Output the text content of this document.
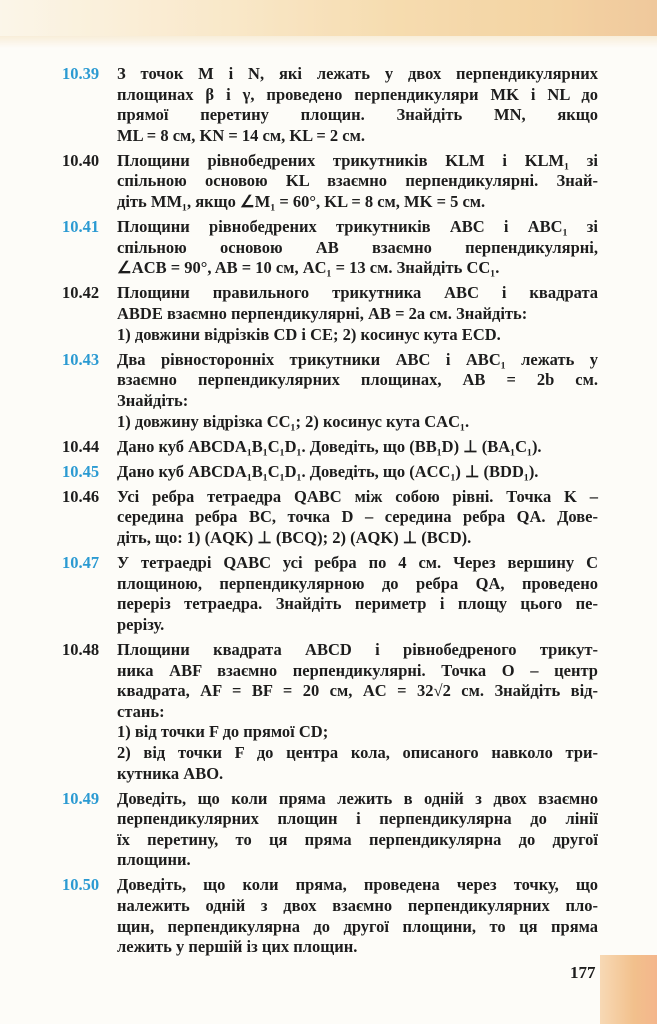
10.39 З точок M і N, які лежать у двох перпендикулярних
площинах β і γ, проведено перпендикуляри MK і NL до
прямої перетину площин. Знайдіть MN, якщо
ML = 8 см, KN = 14 см, KL = 2 см.
10.40 Площини рівнобедрених трикутників KLM і KLM₁ зі
спільною основою KL взаємно перпендикулярні. Знай-
діть MM₁, якщо ∠M₁ = 60°, KL = 8 см, MK = 5 см.
10.41 Площини рівнобедрених трикутників ABC і ABC₁ зі
спільною основою AB взаємно перпендикулярні,
∠ACB = 90°, AB = 10 см, AC₁ = 13 см. Знайдіть CC₁.
10.42 Площини правильного трикутника ABC і квадрата
ABDE взаємно перпендикулярні, AB = 2a см. Знайдіть:
1) довжини відрізків CD і CE; 2) косинус кута ECD.
10.43 Два рівносторонніх трикутники ABC і ABC₁ лежать у
взаємно перпендикулярних площинах, AB = 2b см.
Знайдіть:
1) довжину відрізка CC₁; 2) косинус кута CAC₁.
10.44 Дано куб ABCDA₁B₁C₁D₁. Доведіть, що (BB₁D) ⊥ (BA₁C₁).
10.45 Дано куб ABCDA₁B₁C₁D₁. Доведіть, що (ACC₁) ⊥ (BDD₁).
10.46 Усі ребра тетраедра QABC між собою рівні. Точка K –
середина ребра BC, точка D – середина ребра QA. Дове-
діть, що: 1) (AQK) ⊥ (BCQ); 2) (AQK) ⊥ (BCD).
10.47 У тетраедрі QABC усі ребра по 4 см. Через вершину C
площиною, перпендикулярною до ребра QA, проведено
переріз тетраедра. Знайдіть периметр і площу цього пе-
рерізу.
10.48 Площини квадрата ABCD і рівнобедреного трикут-
ника ABF взаємно перпендикулярні. Точка O – центр
квадрата, AF = BF = 20 см, AC = 32√2 см. Знайдіть від-
стань:
1) від точки F до прямої CD;
2) від точки F до центра кола, описаного навколо три-
кутника ABO.
10.49 Доведіть, що коли пряма лежить в одній з двох взаємно
перпендикулярних площин і перпендикулярна до лінії
їх перетину, то ця пряма перпендикулярна до другої
площини.
10.50 Доведіть, що коли пряма, проведена через точку, що
належить одній з двох взаємно перпендикулярних пло-
щин, перпендикулярна до другої площини, то ця пряма
лежить у першій із цих площин.
177
